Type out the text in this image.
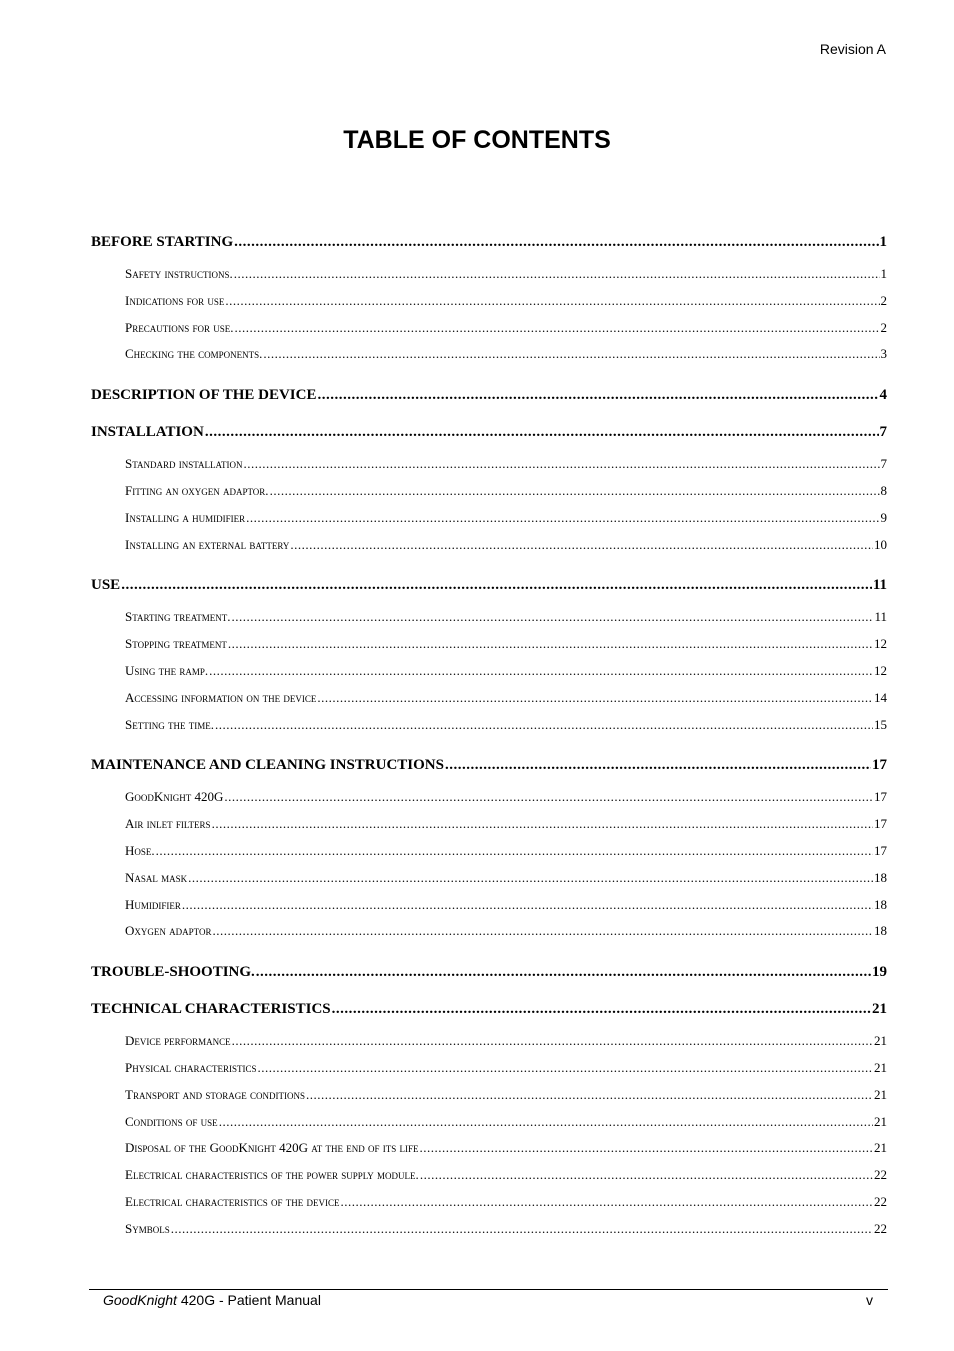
Revision A
TABLE OF CONTENTS
BEFORE STARTING .....	1
Safety instructions. .....	1
Indications for use .....	2
Precautions for use. .....	2
Checking the components. .....	3
DESCRIPTION OF THE DEVICE .....	4
INSTALLATION .....	7
Standard installation .....	7
Fitting an oxygen adaptor. .....	8
Installing a humidifier .....	9
Installing an external battery .....	10
USE .....	11
Starting treatment. .....	11
Stopping treatment .....	12
Using the ramp. .....	12
Accessing information on the device .....	14
Setting the time. .....	15
MAINTENANCE AND CLEANING INSTRUCTIONS .....	17
GoodKnight 420G .....	17
Air inlet filters .....	17
Hose. .....	17
Nasal mask .....	18
Humidifier .....	18
Oxygen adaptor .....	18
TROUBLE-SHOOTING. .....	19
TECHNICAL CHARACTERISTICS .....	21
Device performance .....	21
Physical characteristics .....	21
Transport and storage conditions .....	21
Conditions of use .....	21
Disposal of the GoodKnight 420G at the end of its life .....	21
Electrical characteristics of the power supply module. .....	22
Electrical characteristics of the device .....	22
Symbols .....	22
GoodKnight 420G - Patient Manual	v
